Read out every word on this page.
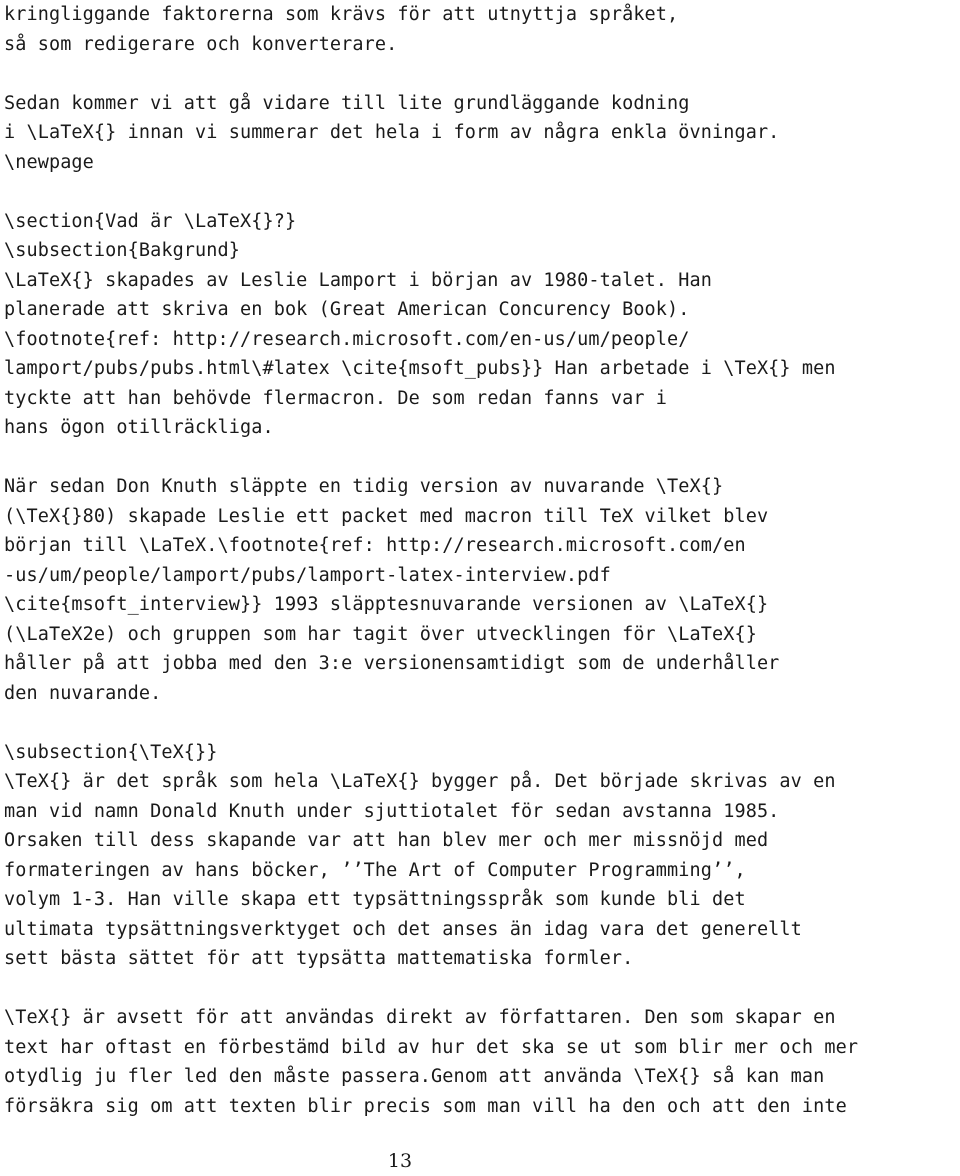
kringliggande faktorerna som krävs för att utnyttja språket,
så som redigerare och konverterare.
Sedan kommer vi att gå vidare till lite grundläggande kodning
i \LaTeX{} innan vi summerar det hela i form av några enkla övningar.
\newpage
\section{Vad är \LaTeX{}?}
\subsection{Bakgrund}
\LaTeX{} skapades av Leslie Lamport i början av 1980-talet. Han
planerade att skriva en bok (Great American Concurency Book).
\footnote{ref: http://research.microsoft.com/en-us/um/people/
lamport/pubs/pubs.html\#latex \cite{msoft_pubs}} Han arbetade i \TeX{} men
tyckte att han behövde flermacron. De som redan fanns var i
hans ögon otillräckliga.
När sedan Don Knuth släppte en tidig version av nuvarande \TeX{}
(\TeX{}80) skapade Leslie ett packet med macron till TeX vilket blev
början till \LaTeX.\footnote{ref: http://research.microsoft.com/en
-us/um/people/lamport/pubs/lamport-latex-interview.pdf
\cite{msoft_interview}} 1993 släpptesnuvarande versionen av \LaTeX{}
(\LaTeX2e) och gruppen som har tagit över utvecklingen för \LaTeX{}
håller på att jobba med den 3:e versionensamtidigt som de underhåller
den nuvarande.
\subsection{\TeX{}}
\TeX{} är det språk som hela \LaTeX{} bygger på. Det började skrivas av en
man vid namn Donald Knuth under sjuttiotalet för sedan avstanna 1985.
Orsaken till dess skapande var att han blev mer och mer missnöjd med
formateringen av hans böcker, ’’The Art of Computer Programming’’,
volym 1-3. Han ville skapa ett typsättningsspråk som kunde bli det
ultimata typsättningsverktyget och det anses än idag vara det generellt
sett bästa sättet för att typsätta mattematiska formler.
\TeX{} är avsett för att användas direkt av författaren. Den som skapar en
text har oftast en förbestämd bild av hur det ska se ut som blir mer och mer
otydlig ju fler led den måste passera.Genom att använda \TeX{} så kan man
försäkra sig om att texten blir precis som man vill ha den och att den inte
13
